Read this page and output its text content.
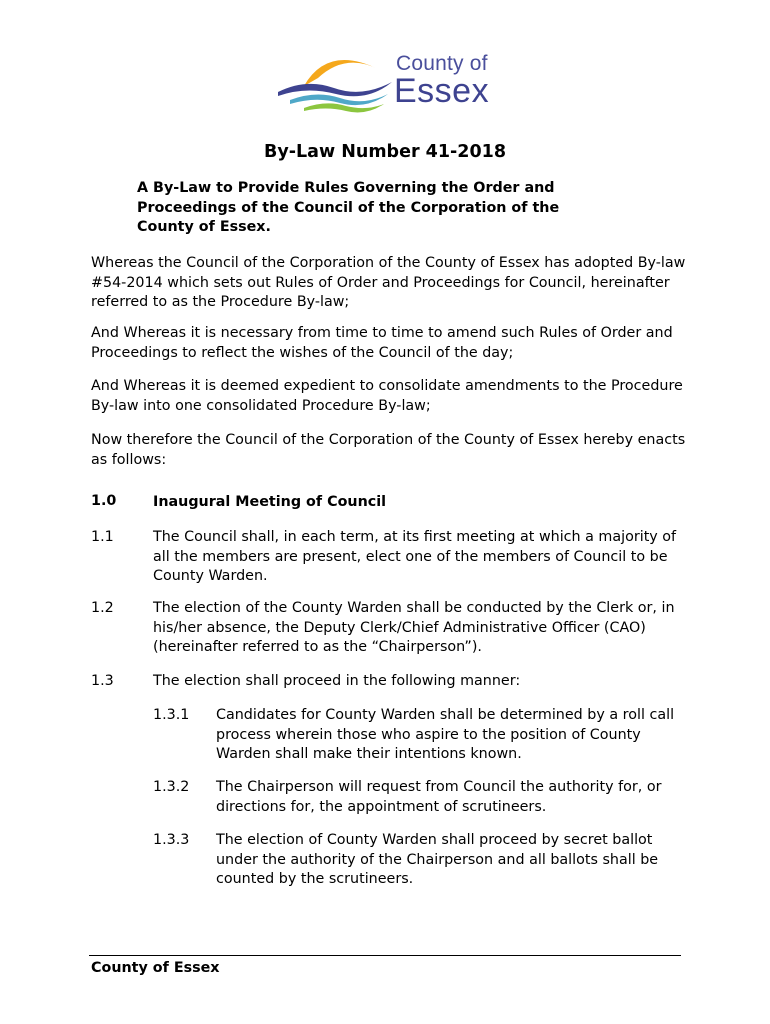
County of
Essex
By-Law Number 41-2018
A By-Law to Provide Rules Governing the Order and Proceedings of the Council of the Corporation of the County of Essex.
Whereas the Council of the Corporation of the County of Essex has adopted By-law #54-2014 which sets out Rules of Order and Proceedings for Council, hereinafter referred to as the Procedure By-law;
And Whereas it is necessary from time to time to amend such Rules of Order and Proceedings to reflect the wishes of the Council of the day;
And Whereas it is deemed expedient to consolidate amendments to the Procedure By-law into one consolidated Procedure By-law;
Now therefore the Council of the Corporation of the County of Essex hereby enacts as follows:
1.0	Inaugural Meeting of Council
1.1	The Council shall, in each term, at its first meeting at which a majority of all the members are present, elect one of the members of Council to be County Warden.
1.2	The election of the County Warden shall be conducted by the Clerk or, in his/her absence, the Deputy Clerk/Chief Administrative Officer (CAO) (hereinafter referred to as the “Chairperson”).
1.3	The election shall proceed in the following manner:
1.3.1 Candidates for County Warden shall be determined by a roll call process wherein those who aspire to the position of County Warden shall make their intentions known.
1.3.2 The Chairperson will request from Council the authority for, or directions for, the appointment of scrutineers.
1.3.3 The election of County Warden shall proceed by secret ballot under the authority of the Chairperson and all ballots shall be counted by the scrutineers.
County of Essex
